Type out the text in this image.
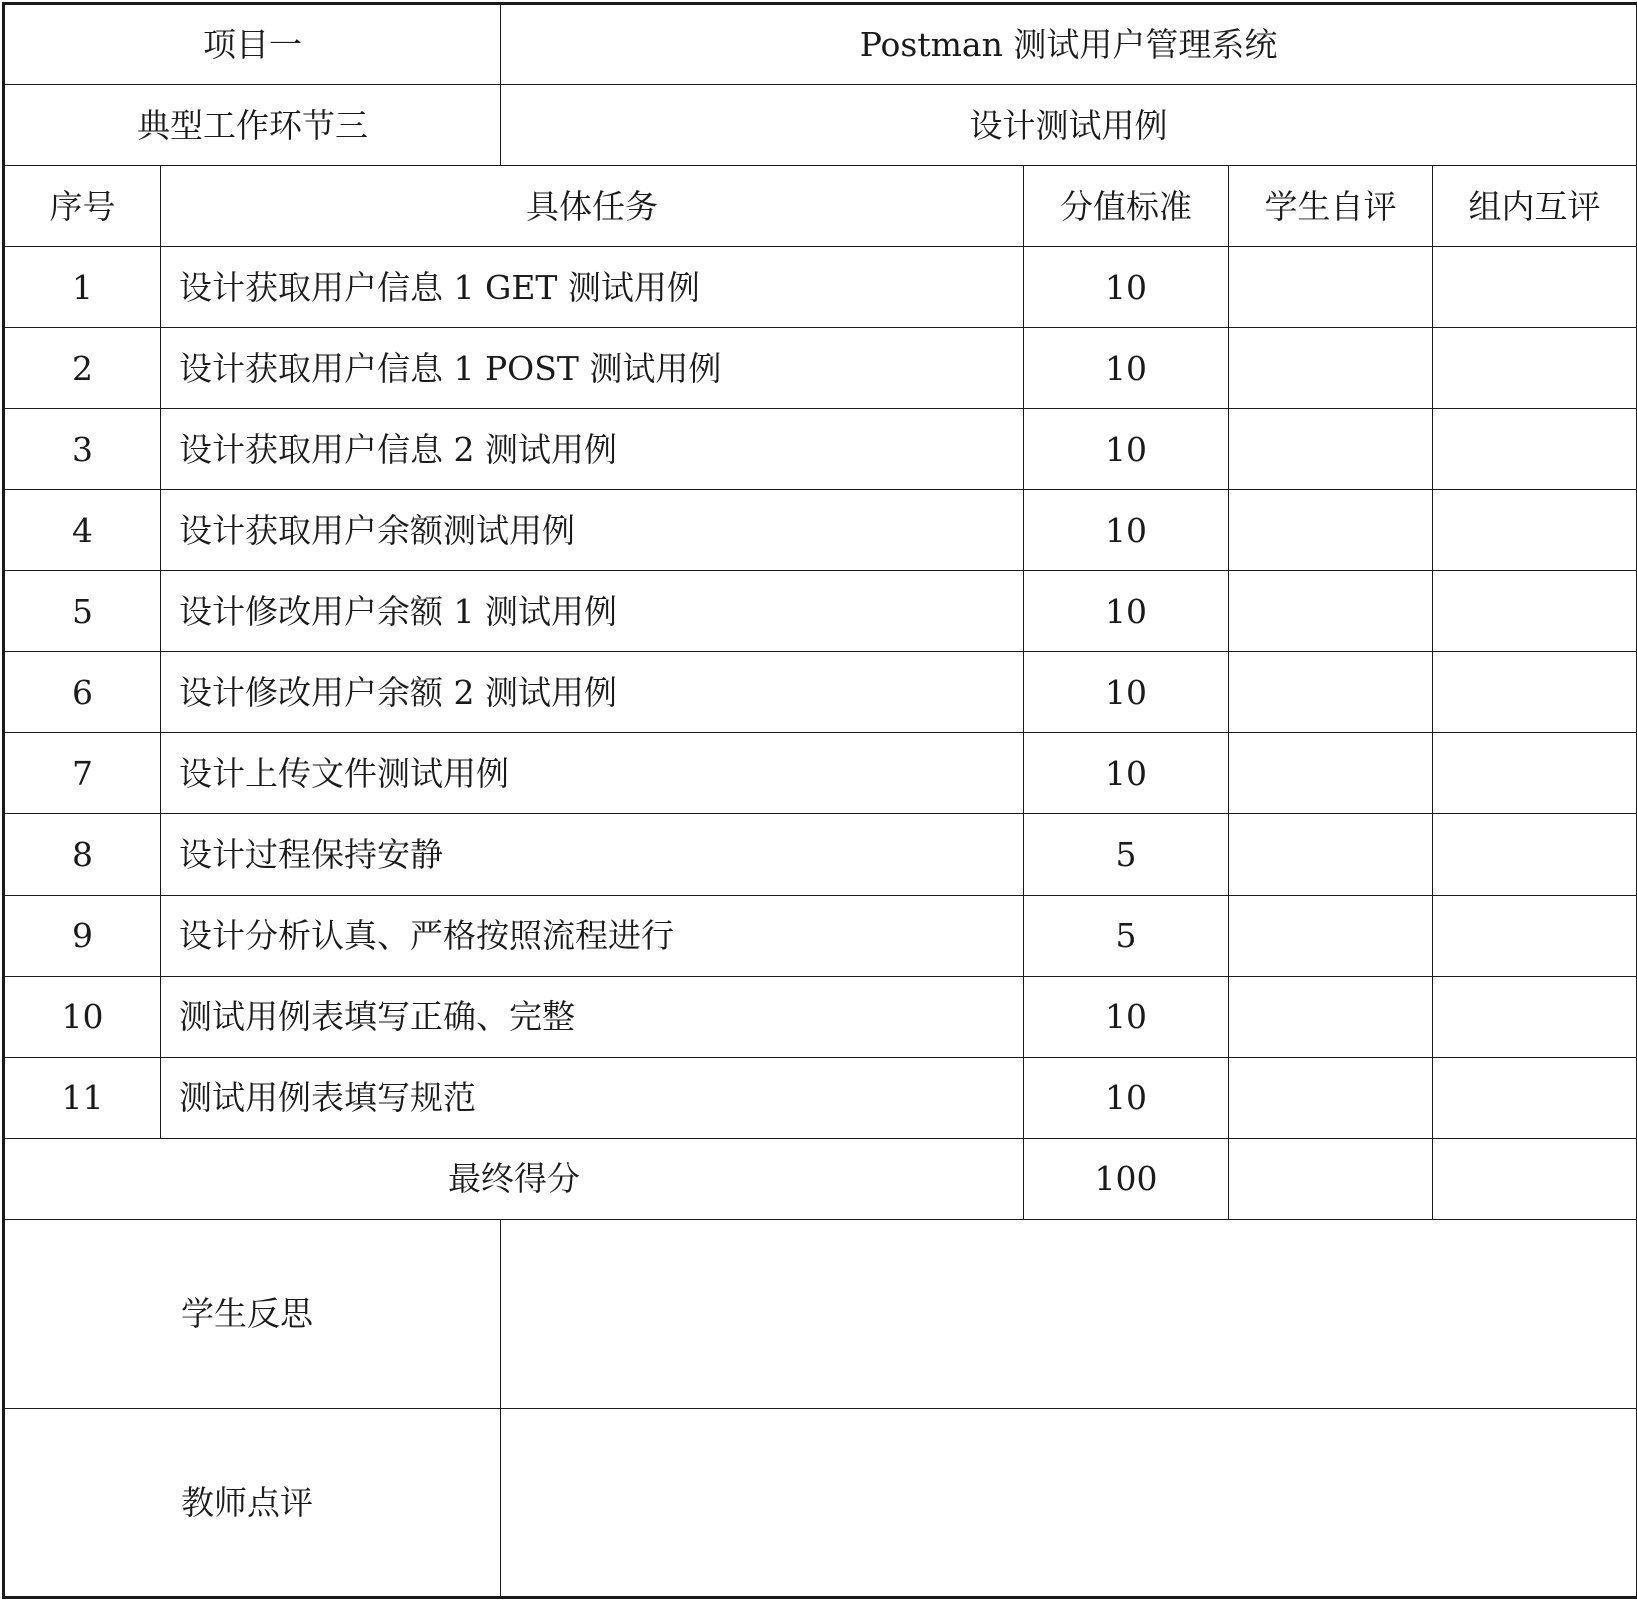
项目一		Postman 测试用户管理系统			
典型工作环节三		设计测试用例			
序号	具体任务		分值标准	学生自评	组内互评
1	设计获取用户信息 1 GET 测试用例		10		
2	设计获取用户信息 1 POST 测试用例		10		
3	设计获取用户信息 2 测试用例		10		
4	设计获取用户余额测试用例		10		
5	设计修改用户余额 1 测试用例		10		
6	设计修改用户余额 2 测试用例		10		
7	设计上传文件测试用例		10		
8	设计过程保持安静		5		
9	设计分析认真、严格按照流程进行		5		
10	测试用例表填写正确、完整		10		
11	测试用例表填写规范		10		
最终得分			100		
学生反思					
教师点评					
